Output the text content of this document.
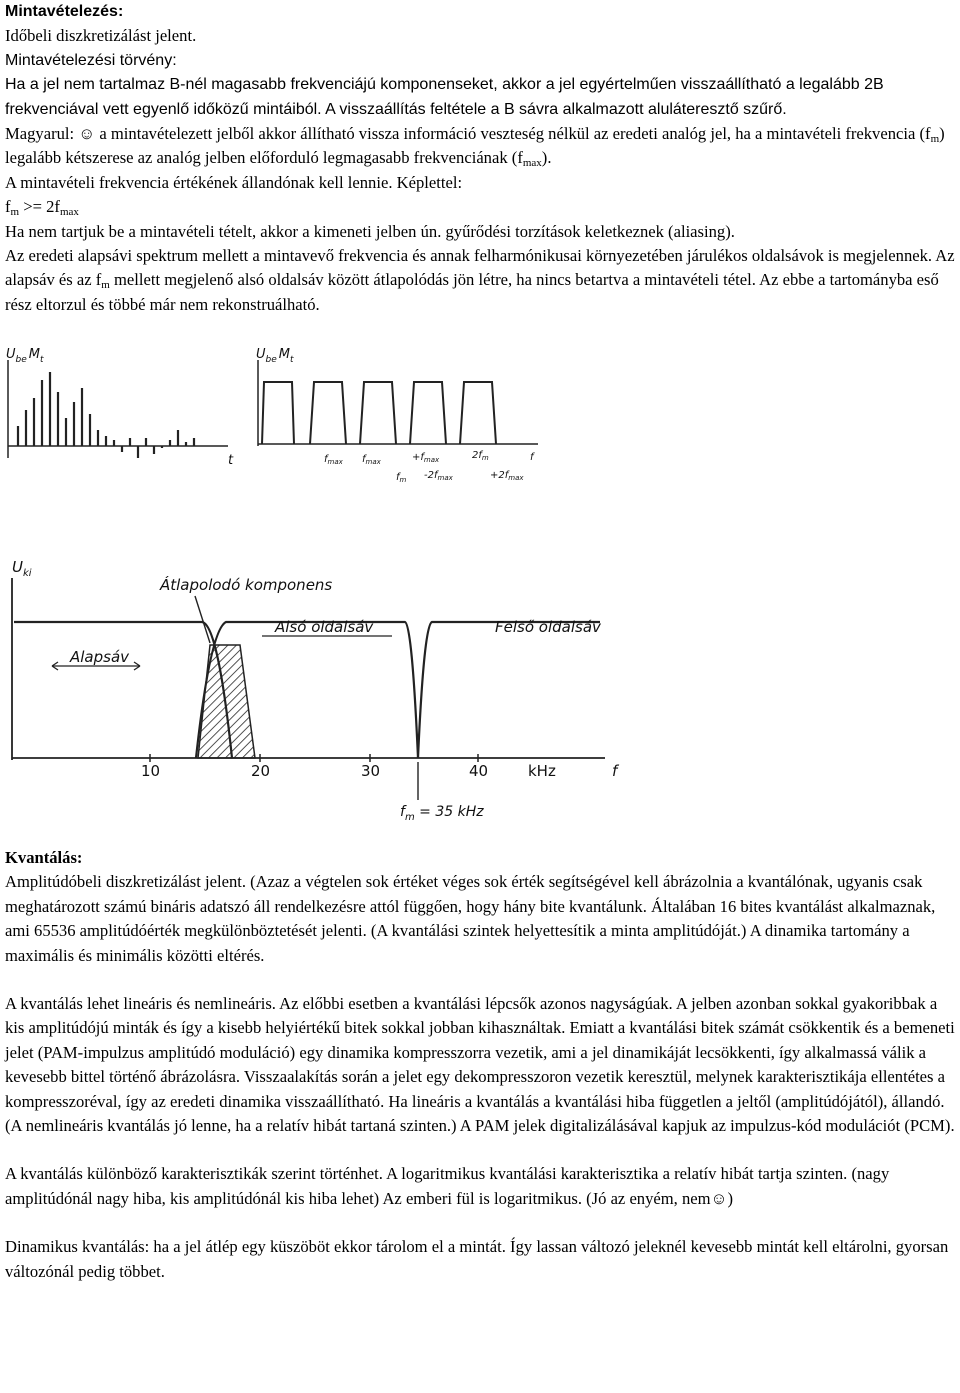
Mintavételezés:

Időbeli diszkretizálást jelent.

Mintavételezési törvény:

Ha a jel nem tartalmaz B-nél magasabb frekvenciájú komponenseket, akkor a jel egyértelműen visszaállítható a legalább 2B frekvenciával vett egyenlő időközű mintáiból. A visszaállítás feltétele a B sávra alkalmazott aluláteresztő szűrő.

Magyarul: ☺ a mintavételezett jelből akkor állítható vissza információ veszteség nélkül az eredeti analóg jel, ha a mintavételi frekvencia $(f_m)$ legalább kétszerese az analóg jelben előforduló legmagasabb frekvenciának $(f_{max})$.

A mintavételi frekvencia értékének állandónak kell lennie. Képlettel:

$f_m >= 2f_{max}$

Ha nem tartjuk be a mintavételi tételt, akkor a kimeneti jelben ún. gyűrődési torzítások keletkeznek (aliasing).

Az eredeti alapsávi spektrum mellett a mintavevő frekvencia és annak felharmónikusai környezetében járulékos oldalsávok is megjelennek. Az alapsáv és az $f_m$ mellett megjelenő alsó oldalsáv között átlapolódás jön létre, ha nincs betartva a mintavételi tétel. Az ebbe a tartományba eső rész eltorzul és többé már nem rekonstruálható.

$U_{be}$ $M_t$
t
$U_{be}$ $M_t$
$f_{max}$ $f_{max}$	$+f_{max}$	$2f_m$	f
$f_m$ $-2f_{max}$	$+2f_{max}$
$U_{ki}$
Átlapolodó komponens
Alapsáv
Alsó oldalsáv	Felső oldalsáv
10	20	30	40	kHz	f
$f_m = 35$ kHz

Kvantálás:

Amplitúdóbeli diszkretizálást jelent. (Azaz a végtelen sok értéket véges sok érték segítségével kell ábrázolnia a kvantálónak, ugyanis csak meghatározott számú bináris adatszó áll rendelkezésre attól függően, hogy hány bite kvantálunk. Általában 16 bites kvantálást alkalmaznak, ami 65536 amplitúdóérték megkülönböztetését jelenti. (A kvantálási szintek helyettesítik a minta amplitúdóját.) A dinamika tartomány a maximális és minimális közötti eltérés.

A kvantálás lehet lineáris és nemlineáris. Az előbbi esetben a kvantálási lépcsők azonos nagyságúak. A jelben azonban sokkal gyakoribbak a kis amplitúdójú minták és így a kisebb helyiértékű bitek sokkal jobban kihasználtak. Emiatt a kvantálási bitek számát csökkentik és a bemeneti jelet (PAM-impulzus amplitúdó moduláció) egy dinamika kompresszorra vezetik, ami a jel dinamikáját lecsökkenti, így alkalmassá válik a kevesebb bittel történő ábrázolásra. Visszaalakítás során a jelet egy dekompresszoron vezetik keresztül, melynek karakterisztikája ellentétes a kompresszoréval, így az eredeti dinamika visszaállítható. Ha lineáris a kvantálás a kvantálási hiba független a jeltől (amplitúdójától), állandó. (A nemlineáris kvantálás jó lenne, ha a relatív hibát tartaná szinten.) A PAM jelek digitalizálásával kapjuk az impulzus-kód modulációt (PCM).

A kvantálás különböző karakterisztikák szerint történhet. A logaritmikus kvantálási karakterisztika a relatív hibát tartja szinten. (nagy amplitúdónál nagy hiba, kis amplitúdónál kis hiba lehet) Az emberi fül is logaritmikus. (Jó az enyém, nem☺)

Dinamikus kvantálás: ha a jel átlép egy küszöböt ekkor tárolom el a mintát. Így lassan változó jeleknél kevesebb mintát kell eltárolni, gyorsan változónál pedig többet.
